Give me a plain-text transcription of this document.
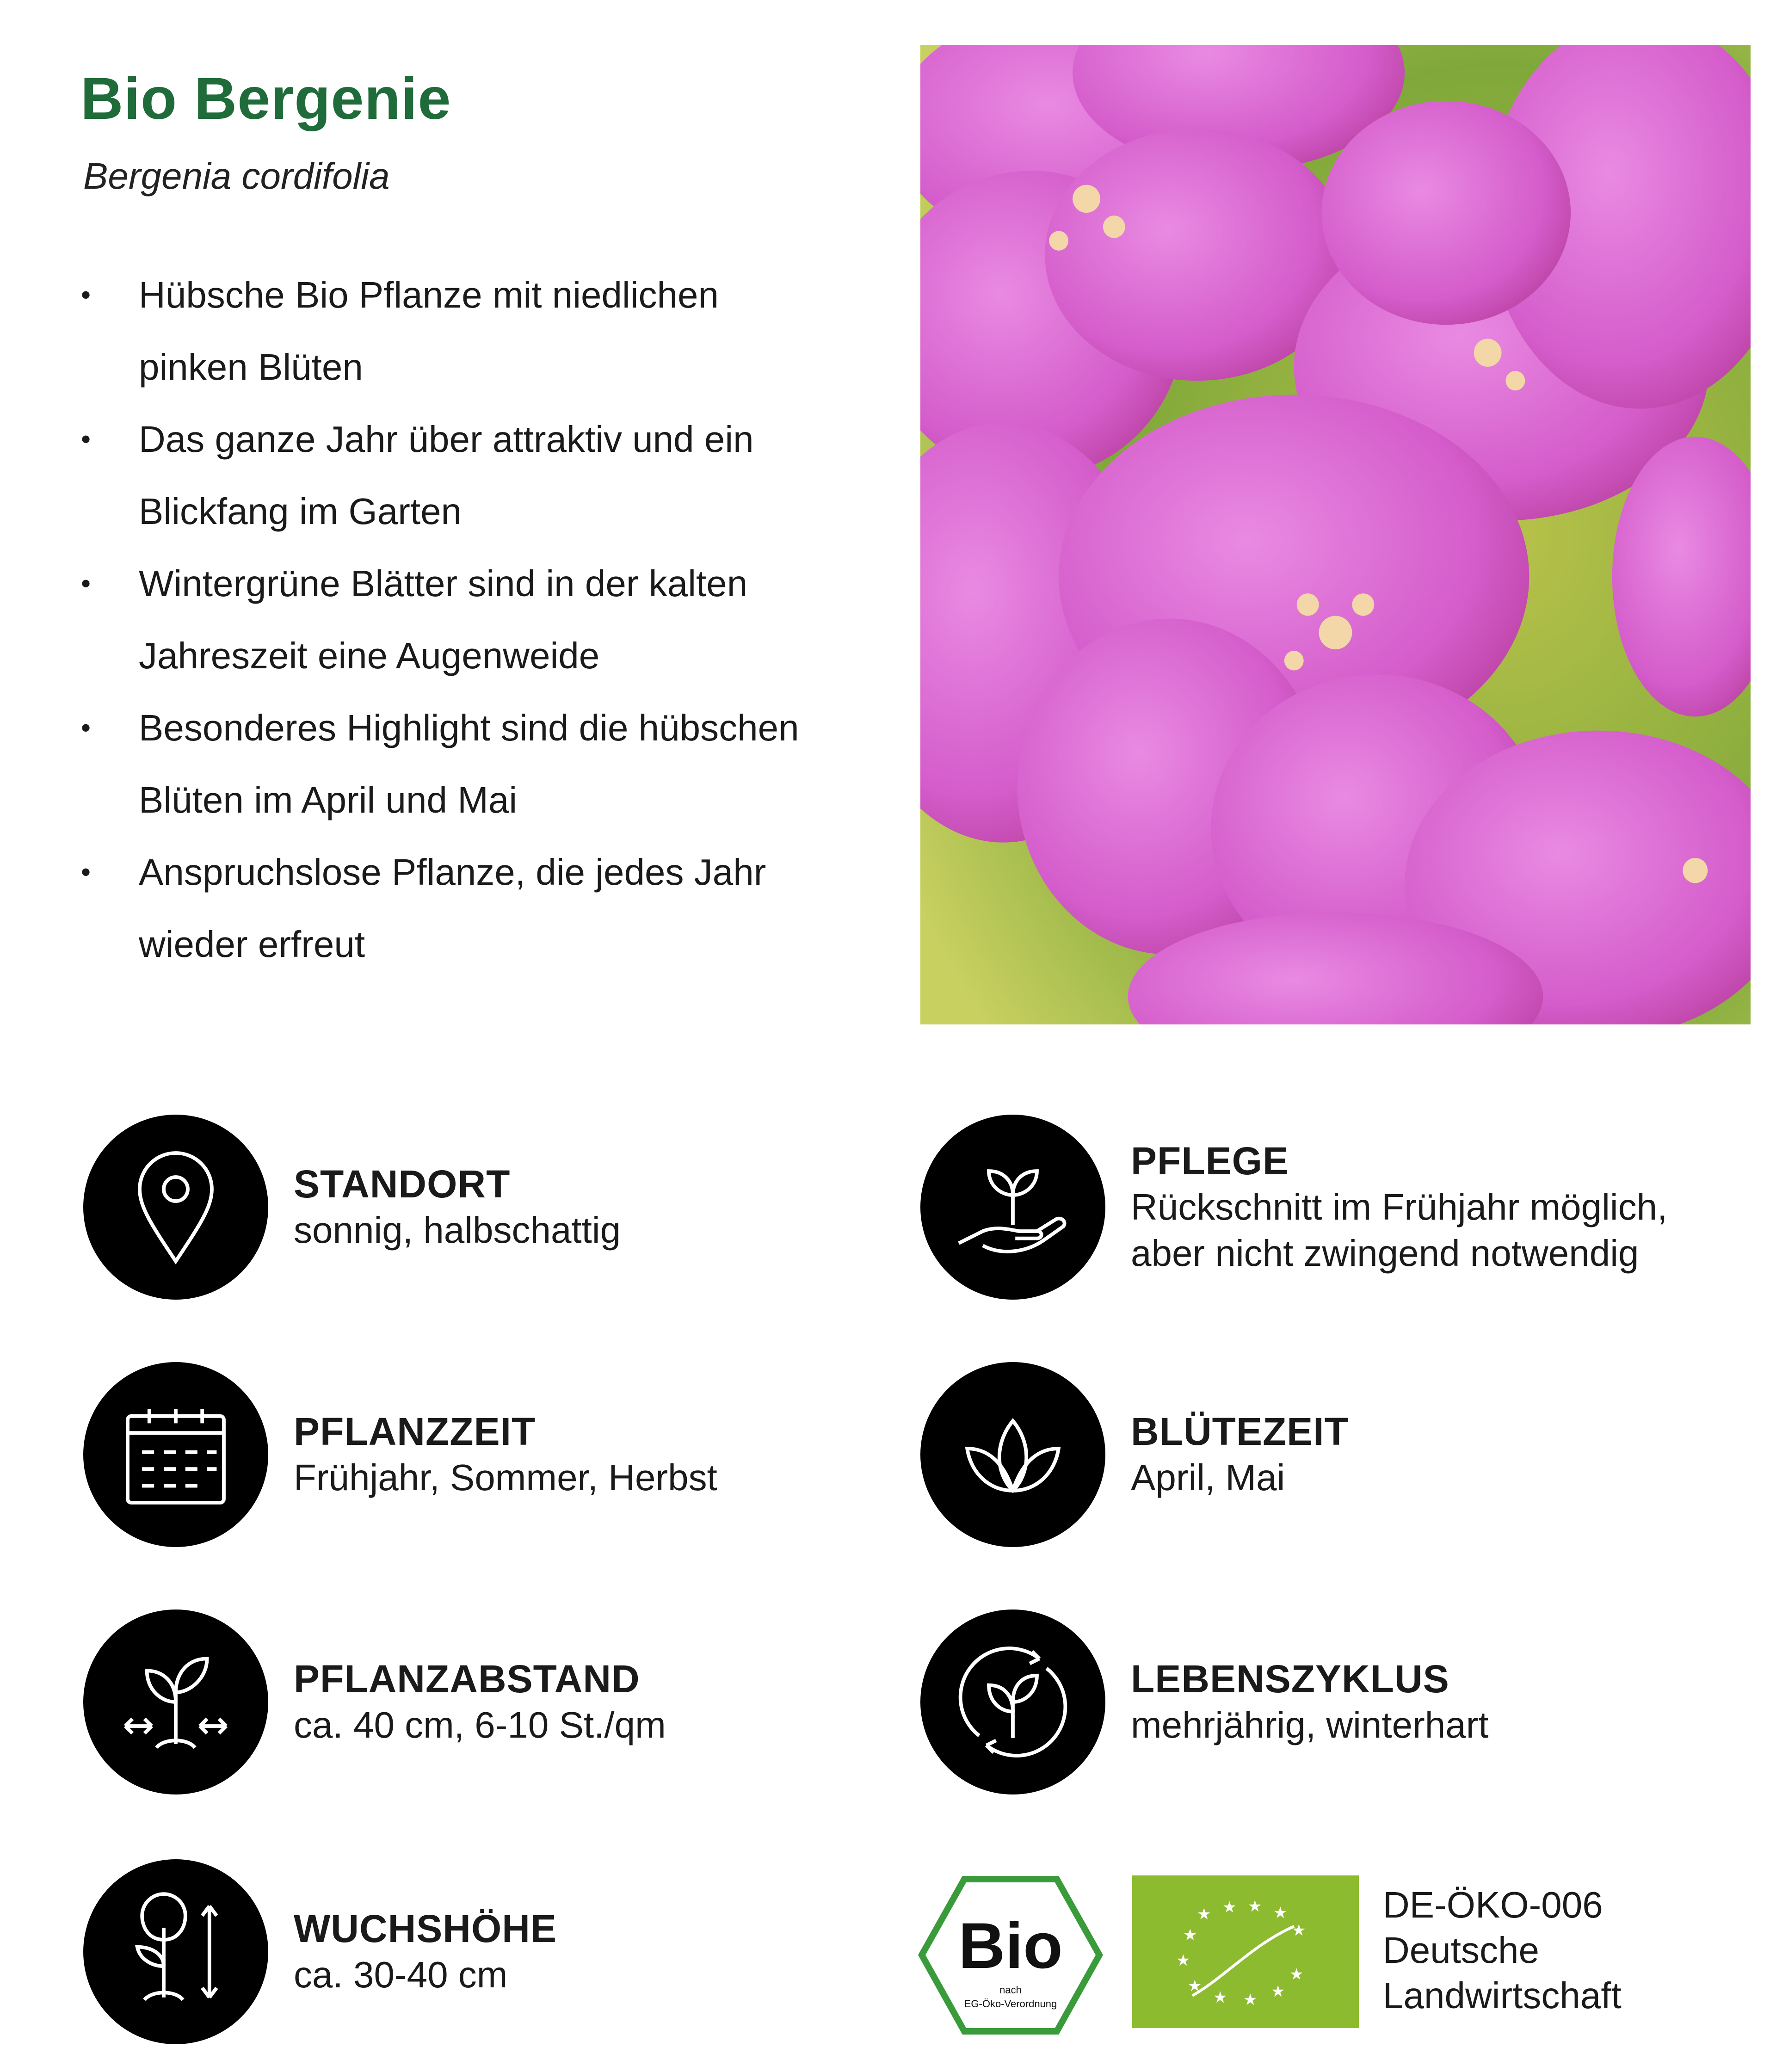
Bio Bergenie
Bergenia cordifolia
• Hübsche Bio Pflanze mit niedlichen
pinken Blüten
• Das ganze Jahr über attraktiv und ein
Blickfang im Garten
• Wintergrüne Blätter sind in der kalten
Jahreszeit eine Augenweide
• Besonderes Highlight sind die hübschen
Blüten im April und Mai
• Anspruchslose Pflanze, die jedes Jahr
wieder erfreut
STANDORT
sonnig, halbschattig
PFLEGE
Rückschnitt im Frühjahr möglich,
aber nicht zwingend notwendig
PFLANZZEIT
Frühjahr, Sommer, Herbst
BLÜTEZEIT
April, Mai
PFLANZABSTAND
ca. 40 cm, 6-10 St./qm
LEBENSZYKLUS
mehrjährig, winterhart
WUCHSHÖHE
ca. 30-40 cm	Bio
nach
EG-Öko-Verordnung
★ ★ ★ ★
★
★
★
★
★ ★ ★
★
DE-ÖKO-006
Deutsche
Landwirtschaft
